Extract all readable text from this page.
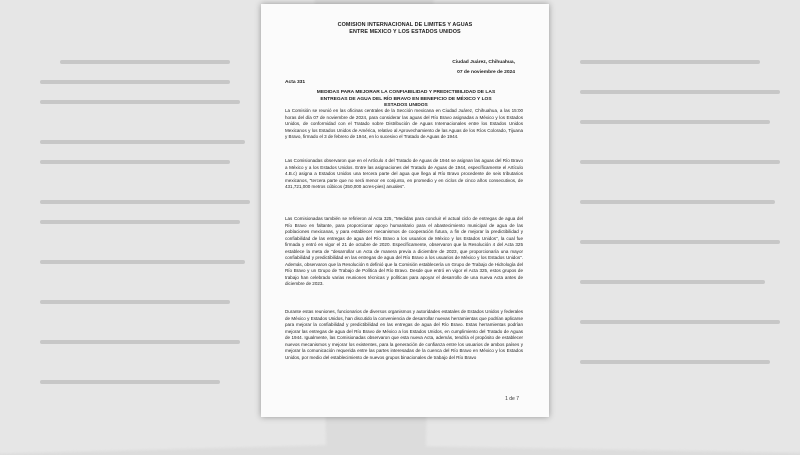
COMISION INTERNACIONAL DE LIMITES Y AGUAS
ENTRE MEXICO Y LOS ESTADOS UNIDOS
Ciudad Juárez, Chihuahua,
07 de noviembre de 2024
Acta 331
MEDIDAS PARA MEJORAR LA CONFIABILIDAD Y PREDICTIBILIDAD DE LAS ENTREGAS DE AGUA DEL RÍO BRAVO EN BENEFICIO DE MÉXICO Y LOS ESTADOS UNIDOS
La Comisión se reunió en las oficinas centrales de la Sección mexicana en Ciudad Juárez, Chihuahua, a las 15:00 horas del día 07 de noviembre de 2024, para considerar las aguas del Río Bravo asignadas a México y los Estados Unidos, de conformidad con el Tratado sobre Distribución de Aguas Internacionales entre los Estados Unidos Mexicanos y los Estados Unidos de América, relativo al Aprovechamiento de las Aguas de los Ríos Colorado, Tijuana y Bravo, firmado el 3 de febrero de 1944, en lo sucesivo el Tratado de Aguas de 1944.
Las Comisionadas observaron que en el Artículo 4 del Tratado de Aguas de 1944 se asignan las aguas del Río Bravo a México y a los Estados Unidos. Entre las asignaciones del Tratado de Aguas de 1944, específicamente el Artículo 4.B.c) asigna a Estados Unidos una tercera parte del agua que llega al Río Bravo procedente de seis tributarios mexicanos, "tercera parte que no será menor en conjunto, en promedio y en ciclos de cinco años consecutivos, de 431,721,000 metros cúbicos (350,000 acres-pies) anuales".
Las Comisionadas también se refirieron al Acta 325, "Medidas para concluir el actual ciclo de entregas de agua del Río Bravo en faltante, para proporcionar apoyo humanitario para el abastecimiento municipal de agua de las poblaciones mexicanas, y para establecer mecanismos de cooperación futura, a fin de mejorar la predictibilidad y confiabilidad de las entregas de agua del Río Bravo a los usuarios de México y los Estados Unidos", la cual fue firmada y entró en vigor el 21 de octubre de 2020. Específicamente, observaron que la Resolución 4 del Acta 325 establece la meta de "desarrollar un Acta de manera previa a diciembre de 2023, que proporcionaría una mayor confiabilidad y predictibilidad en las entregas de agua del Río Bravo a los usuarios de México y los Estados Unidos". Además, observaron que la Resolución 6 definió que la Comisión establecería un Grupo de Trabajo de Hidrología del Río Bravo y un Grupo de Trabajo de Política del Río Bravo. Desde que entró en vigor el Acta 325, estos grupos de trabajo han celebrado varias reuniones técnicas y políticas para apoyar el desarrollo de una nueva Acta antes de diciembre de 2023.
Durante estas reuniones, funcionarios de diversos organismos y autoridades estatales de Estados Unidos y federales de México y Estados Unidos, han discutido la conveniencia de desarrollar nuevas herramientas que podrían aplicarse para mejorar la confiabilidad y predictibilidad en las entregas de agua del Río Bravo. Estas herramientas podrían mejorar las entregas de agua del Río Bravo de México a los Estados Unidos, en cumplimiento del Tratado de Aguas de 1944. Igualmente, las Comisionadas observaron que esta nueva Acta, además, tendría el propósito de establecer nuevos mecanismos y mejorar los existentes, para la generación de confianza entre los usuarios de ambos países y mejorar la comunicación requerida entre las partes interesadas de la cuenca del Río Bravo en México y los Estados Unidos, por medio del establecimiento de nuevos grupos binacionales de trabajo del Río Bravo
1 de 7
